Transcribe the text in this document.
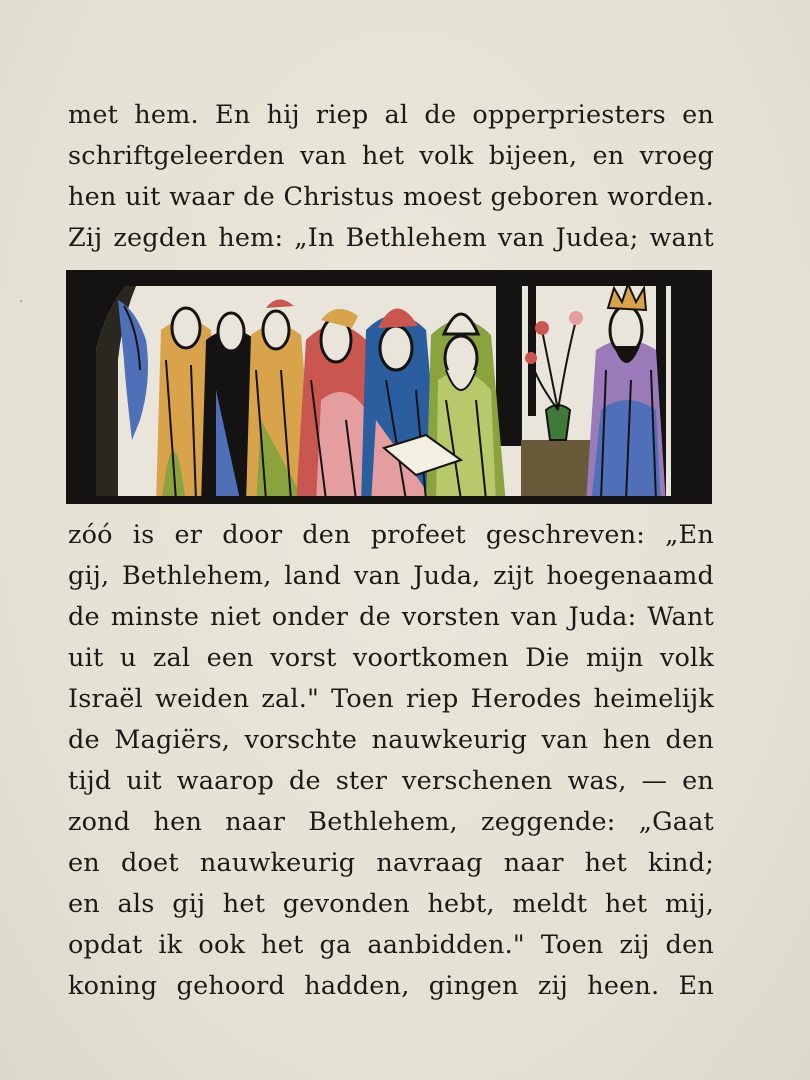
met hem. En hij riep al de opperpriesters en
schriftgeleerden van het volk bijeen, en vroeg
hen uit waar de Christus moest geboren worden.
Zij zegden hem: „In Bethlehem van Judea; want
zóó is er door den profeet geschreven: „En
gij, Bethlehem, land van Juda, zijt hoegenaamd
de minste niet onder de vorsten van Juda: Want
uit u zal een vorst voortkomen Die mijn volk
Israël weiden zal." Toen riep Herodes heimelijk
de Magiërs, vorschte nauwkeurig van hen den
tijd uit waarop de ster verschenen was, — en
zond hen naar Bethlehem, zeggende: „Gaat
en doet nauwkeurig navraag naar het kind;
en als gij het gevonden hebt, meldt het mij,
opdat ik ook het ga aanbidden." Toen zij den
koning gehoord hadden, gingen zij heen. En
